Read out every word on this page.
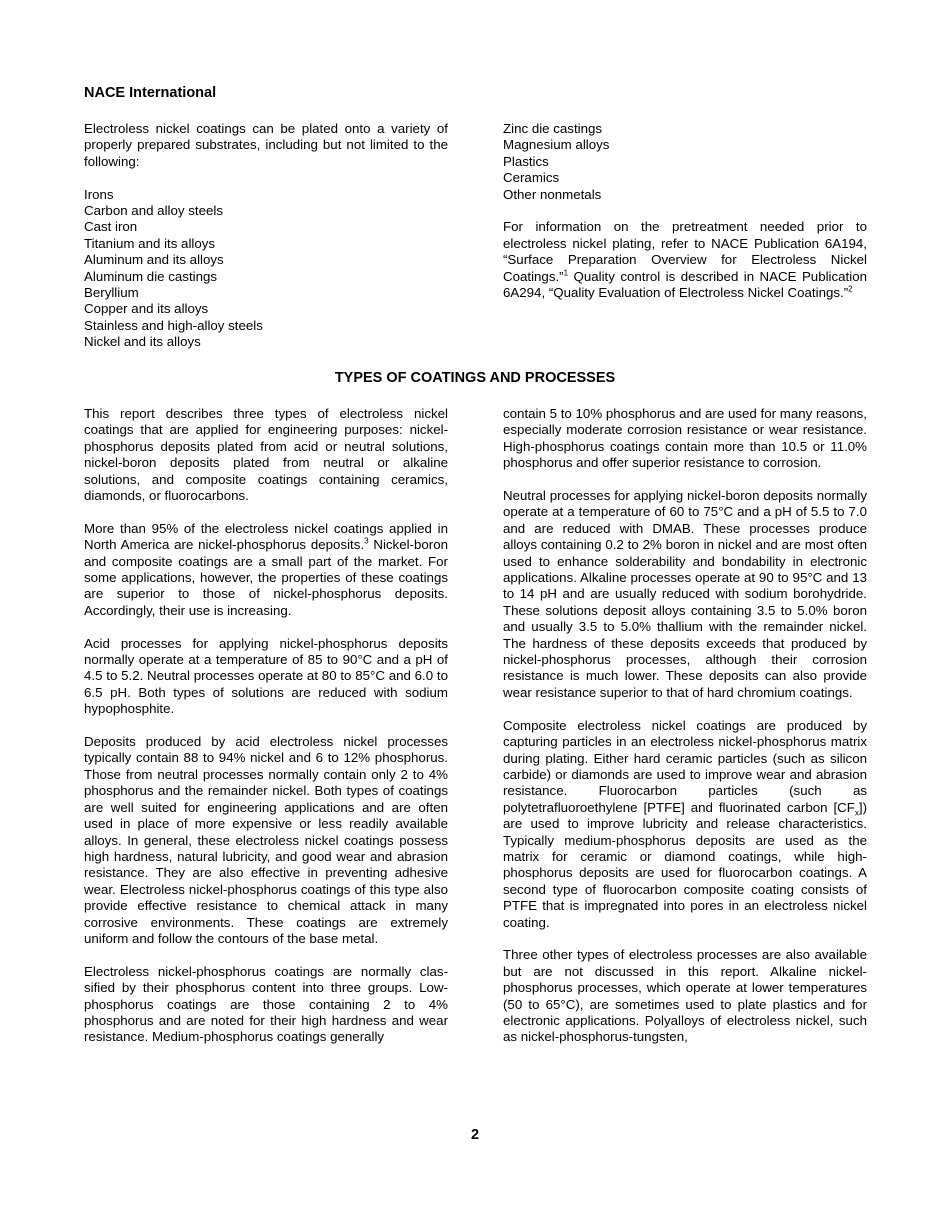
NACE International

Electroless nickel coatings can be plated onto a variety of properly prepared substrates, including but not limited to the following:

Irons
Carbon and alloy steels
Cast iron
Titanium and its alloys
Aluminum and its alloys
Aluminum die castings
Beryllium
Copper and its alloys
Stainless and high-alloy steels
Nickel and its alloys
Zinc die castings
Magnesium alloys
Plastics
Ceramics
Other nonmetals

For information on the pretreatment needed prior to electroless nickel plating, refer to NACE Publication 6A194, “Surface Preparation Overview for Electroless Nickel Coatings.”$^1$ Quality control is described in NACE Publication 6A294, “Quality Evaluation of Electroless Nickel Coatings.”$^2$

TYPES OF COATINGS AND PROCESSES

This report describes three types of electroless nickel coatings that are applied for engineering purposes: nickel-phosphorus deposits plated from acid or neutral solutions, nickel-boron deposits plated from neutral or alkaline solutions, and composite coatings containing ceramics, diamonds, or fluorocarbons.

More than 95% of the electroless nickel coatings applied in North America are nickel-phosphorus deposits.$^3$ Nickel-boron and composite coatings are a small part of the market. For some applications, however, the properties of these coatings are superior to those of nickel-phosphorus deposits. Accordingly, their use is increasing.

Acid processes for applying nickel-phosphorus deposits normally operate at a temperature of 85 to 90°C and a pH of 4.5 to 5.2. Neutral processes operate at 80 to 85°C and 6.0 to 6.5 pH. Both types of solutions are reduced with sodium hypophosphite.

Deposits produced by acid electroless nickel processes typically contain 88 to 94% nickel and 6 to 12% phosphorus. Those from neutral processes normally contain only 2 to 4% phosphorus and the remainder nickel. Both types of coatings are well suited for engineering applications and are often used in place of more expensive or less readily available alloys. In general, these electroless nickel coatings possess high hardness, natural lubricity, and good wear and abrasion resistance. They are also effective in preventing adhesive wear. Electroless nickel-phosphorus coatings of this type also provide effective resistance to chemical attack in many corrosive environments. These coatings are extremely uniform and follow the contours of the base metal.

Electroless nickel-phosphorus coatings are normally classified by their phosphorus content into three groups. Low-phosphorus coatings are those containing 2 to 4% phosphorus and are noted for their high hardness and wear resistance. Medium-phosphorus coatings generally

contain 5 to 10% phosphorus and are used for many reasons, especially moderate corrosion resistance or wear resistance. High-phosphorus coatings contain more than 10.5 or 11.0% phosphorus and offer superior resistance to corrosion.

Neutral processes for applying nickel-boron deposits normally operate at a temperature of 60 to 75°C and a pH of 5.5 to 7.0 and are reduced with DMAB. These processes produce alloys containing 0.2 to 2% boron in nickel and are most often used to enhance solderability and bondability in electronic applications. Alkaline processes operate at 90 to 95°C and 13 to 14 pH and are usually reduced with sodium borohydride. These solutions deposit alloys containing 3.5 to 5.0% boron and usually 3.5 to 5.0% thallium with the remainder nickel. The hardness of these deposits exceeds that produced by nickel-phosphorus processes, although their corrosion resistance is much lower. These deposits can also provide wear resistance superior to that of hard chromium coatings.

Composite electroless nickel coatings are produced by capturing particles in an electroless nickel-phosphorus matrix during plating. Either hard ceramic particles (such as silicon carbide) or diamonds are used to improve wear and abrasion resistance. Fluorocarbon particles (such as polytetrafluoroethylene [PTFE] and fluorinated carbon $[CF_x]$) are used to improve lubricity and release characteristics. Typically medium-phosphorus deposits are used as the matrix for ceramic or diamond coatings, while high-phosphorus deposits are used for fluorocarbon coatings. A second type of fluorocarbon composite coating consists of PTFE that is impregnated into pores in an electroless nickel coating.

Three other types of electroless processes are also available but are not discussed in this report. Alkaline nickel-phosphorus processes, which operate at lower temperatures (50 to 65°C), are sometimes used to plate plastics and for electronic applications. Polyalloys of electroless nickel, such as nickel-phosphorus-tungsten,

2
